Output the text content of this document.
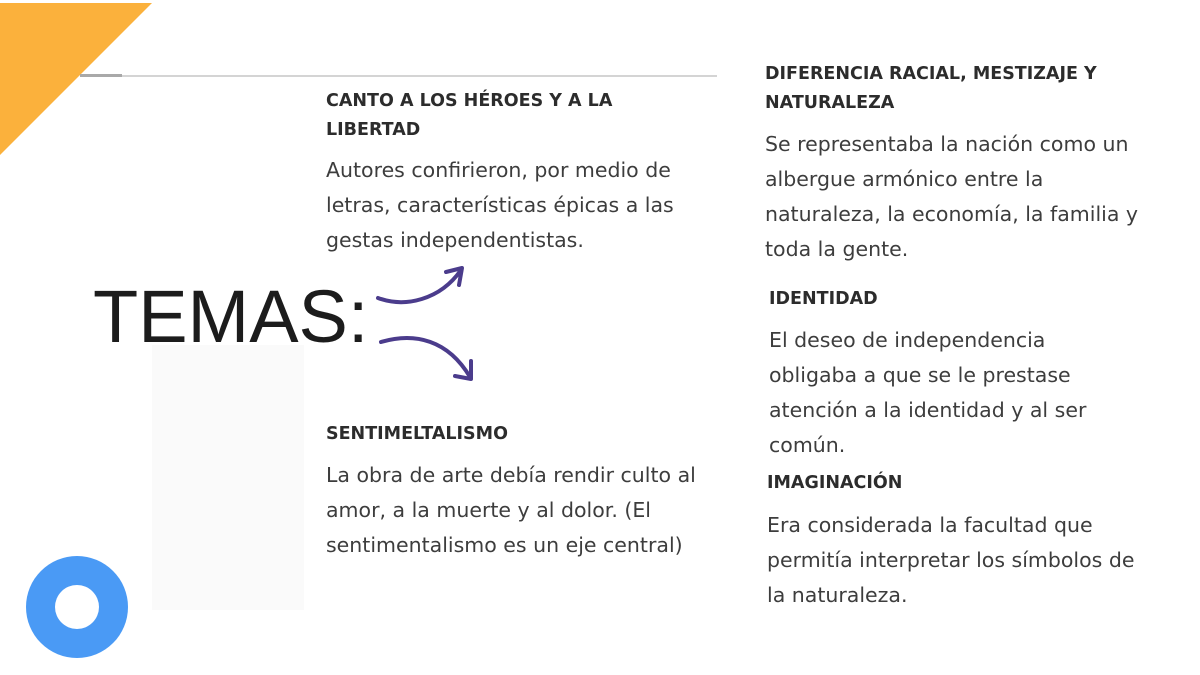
TEMAS:
CANTO A LOS HÉROES Y A LA LIBERTAD
Autores confirieron, por medio de letras, características épicas a las gestas independentistas.
SENTIMELTALISMO
La obra de arte debía rendir culto al amor, a la muerte y al dolor. (El sentimentalismo es un eje central)
DIFERENCIA RACIAL, MESTIZAJE Y NATURALEZA
Se representaba la nación como un albergue armónico entre la naturaleza, la economía, la familia y toda la gente.
IDENTIDAD
El deseo de independencia obligaba a que se le prestase atención a la identidad y al ser común.
IMAGINACIÓN
Era considerada la facultad que permitía interpretar los símbolos de la naturaleza.
